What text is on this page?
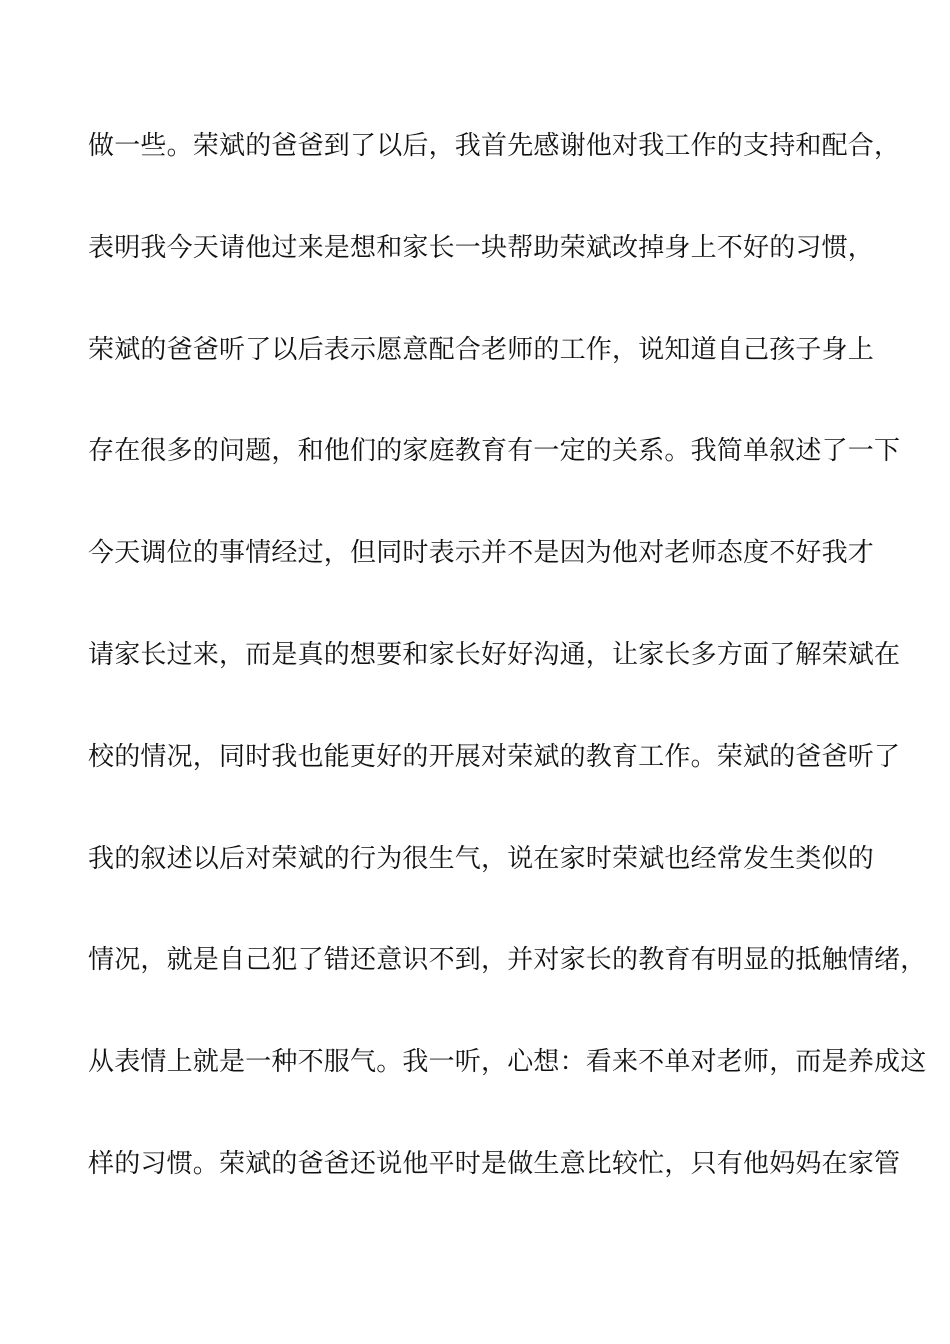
做一些。荣斌的爸爸到了以后，我首先感谢他对我工作的支持和配合，
表明我今天请他过来是想和家长一块帮助荣斌改掉身上不好的习惯，
荣斌的爸爸听了以后表示愿意配合老师的工作，说知道自己孩子身上
存在很多的问题，和他们的家庭教育有一定的关系。我简单叙述了一下
今天调位的事情经过，但同时表示并不是因为他对老师态度不好我才
请家长过来，而是真的想要和家长好好沟通，让家长多方面了解荣斌在
校的情况，同时我也能更好的开展对荣斌的教育工作。荣斌的爸爸听了
我的叙述以后对荣斌的行为很生气，说在家时荣斌也经常发生类似的
情况，就是自己犯了错还意识不到，并对家长的教育有明显的抵触情绪，
从表情上就是一种不服气。我一听，心想：看来不单对老师，而是养成这
样的习惯。荣斌的爸爸还说他平时是做生意比较忙，只有他妈妈在家管
